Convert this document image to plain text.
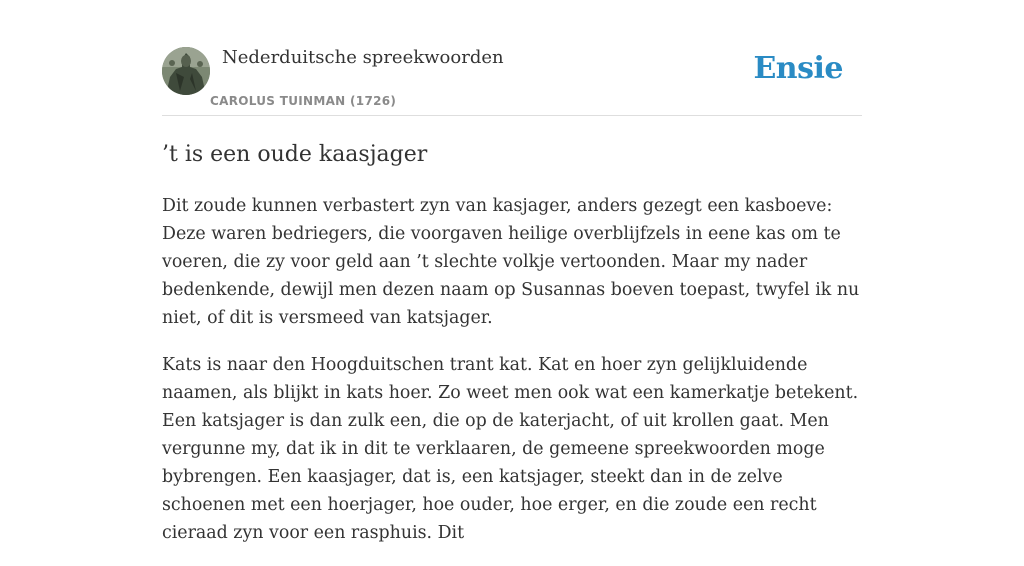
Nederduitsche spreekwoorden
CAROLUS TUINMAN (1726)
Ensie
’t is een oude kaasjager

Dit zoude kunnen verbastert zyn van kasjager, anders gezegt een kasboeve: Deze waren bedriegers, die voorgaven heilige overblijfzels in eene kas om te voeren, die zy voor geld aan ’t slechte volkje vertoonden. Maar my nader bedenkende, dewijl men dezen naam op Susannas boeven toepast, twyfel ik nu niet, of dit is versmeed van katsjager.

Kats is naar den Hoogduitschen trant kat. Kat en hoer zyn gelijkluidende naamen, als blijkt in kats hoer. Zo weet men ook wat een kamerkatje betekent. Een katsjager is dan zulk een, die op de katerjacht, of uit krollen gaat. Men vergunne my, dat ik in dit te verklaaren, de gemeene spreekwoorden moge bybrengen. Een kaasjager, dat is, een katsjager, steekt dan in de zelve schoenen met een hoerjager, hoe ouder, hoe erger, en die zoude een recht cieraad zyn voor een rasphuis. Dit
